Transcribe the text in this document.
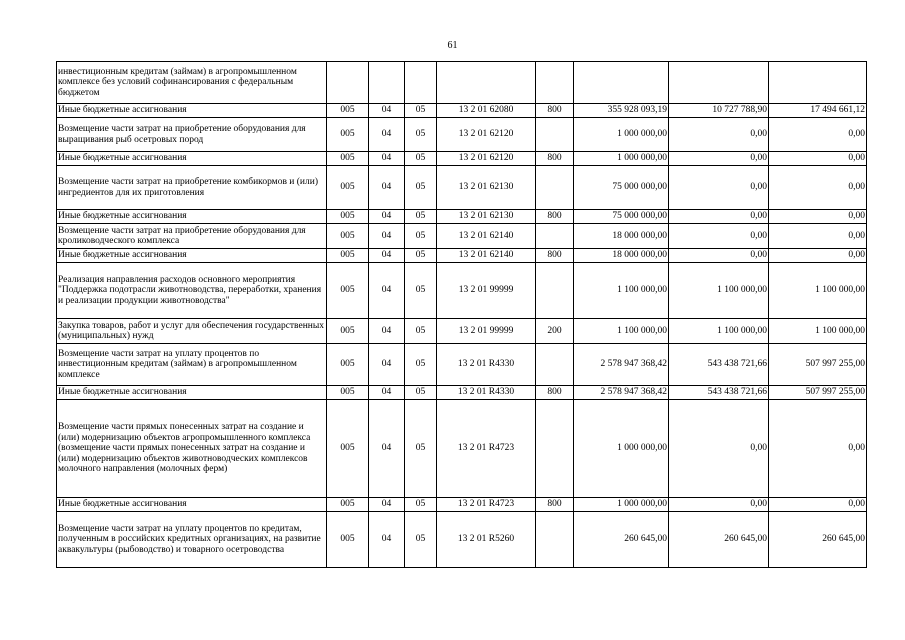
61
инвестиционным кредитам (займам) в агропромышленном комплексе без условий софинансирования с федеральным бюджетом								
Иные бюджетные ассигнования	005	04	05	13 2 01 62080	800	355 928 093,19	10 727 788,90	17 494 661,12
Возмещение части затрат на приобретение оборудования для выращивания рыб осетровых пород	005	04	05	13 2 01 62120		1 000 000,00	0,00	0,00
Иные бюджетные ассигнования	005	04	05	13 2 01 62120	800	1 000 000,00	0,00	0,00
Возмещение части затрат на приобретение комбикормов и (или) ингредиентов для их приготовления	005	04	05	13 2 01 62130		75 000 000,00	0,00	0,00
Иные бюджетные ассигнования	005	04	05	13 2 01 62130	800	75 000 000,00	0,00	0,00
Возмещение части затрат на приобретение оборудования для кролиководческого комплекса	005	04	05	13 2 01 62140		18 000 000,00	0,00	0,00
Иные бюджетные ассигнования	005	04	05	13 2 01 62140	800	18 000 000,00	0,00	0,00
Реализация направления расходов основного мероприятия "Поддержка подотрасли животноводства, переработки, хранения и реализации продукции животноводства"	005	04	05	13 2 01 99999		1 100 000,00	1 100 000,00	1 100 000,00
Закупка товаров, работ и услуг для обеспечения государственных (муниципальных) нужд	005	04	05	13 2 01 99999	200	1 100 000,00	1 100 000,00	1 100 000,00
Возмещение части затрат на уплату процентов по инвестиционным кредитам (займам) в агропромышленном комплексе	005	04	05	13 2 01 R4330		2 578 947 368,42	543 438 721,66	507 997 255,00
Иные бюджетные ассигнования	005	04	05	13 2 01 R4330	800	2 578 947 368,42	543 438 721,66	507 997 255,00
Возмещение части прямых понесенных затрат на создание и (или) модернизацию объектов агропромышленного комплекса (возмещение части прямых понесенных затрат на создание и (или) модернизацию объектов животноводческих комплексов молочного направления (молочных ферм)	005	04	05	13 2 01 R4723		1 000 000,00	0,00	0,00
Иные бюджетные ассигнования	005	04	05	13 2 01 R4723	800	1 000 000,00	0,00	0,00
Возмещение части затрат на уплату процентов по кредитам, полученным в российских кредитных организациях, на развитие аквакультуры (рыбоводство) и товарного осетроводства	005	04	05	13 2 01 R5260		260 645,00	260 645,00	260 645,00
